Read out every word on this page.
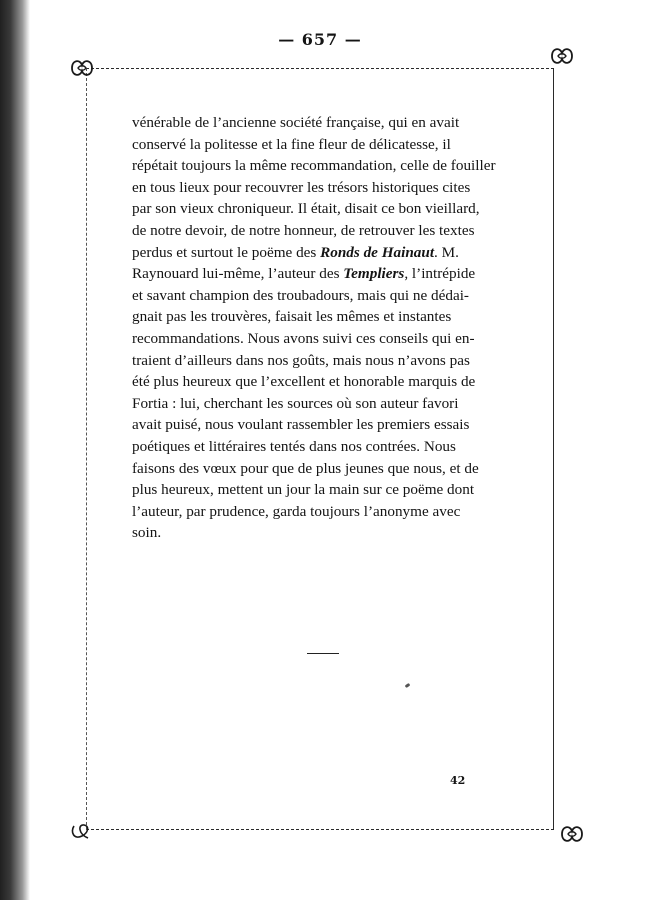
— 657 —
vénérable de l’ancienne société française, qui en avait
conservé la politesse et la fine fleur de délicatesse, il
répétait toujours la même recommandation, celle de fouiller
en tous lieux pour recouvrer les trésors historiques cites
par son vieux chroniqueur. Il était, disait ce bon vieillard,
de notre devoir, de notre honneur, de retrouver les textes
perdus et surtout le poëme des Ronds de Hainaut. M.
Raynouard lui-même, l’auteur des Templiers, l’intrépide
et savant champion des troubadours, mais qui ne dédai-
gnait pas les trouvères, faisait les mêmes et instantes
recommandations. Nous avons suivi ces conseils qui en-
traient d’ailleurs dans nos goûts, mais nous n’avons pas
été plus heureux que l’excellent et honorable marquis de
Fortia : lui, cherchant les sources où son auteur favori
avait puisé, nous voulant rassembler les premiers essais
poétiques et littéraires tentés dans nos contrées. Nous
faisons des vœux pour que de plus jeunes que nous, et de
plus heureux, mettent un jour la main sur ce poëme dont
l’auteur, par prudence, garda toujours l’anonyme avec
soin.
42
